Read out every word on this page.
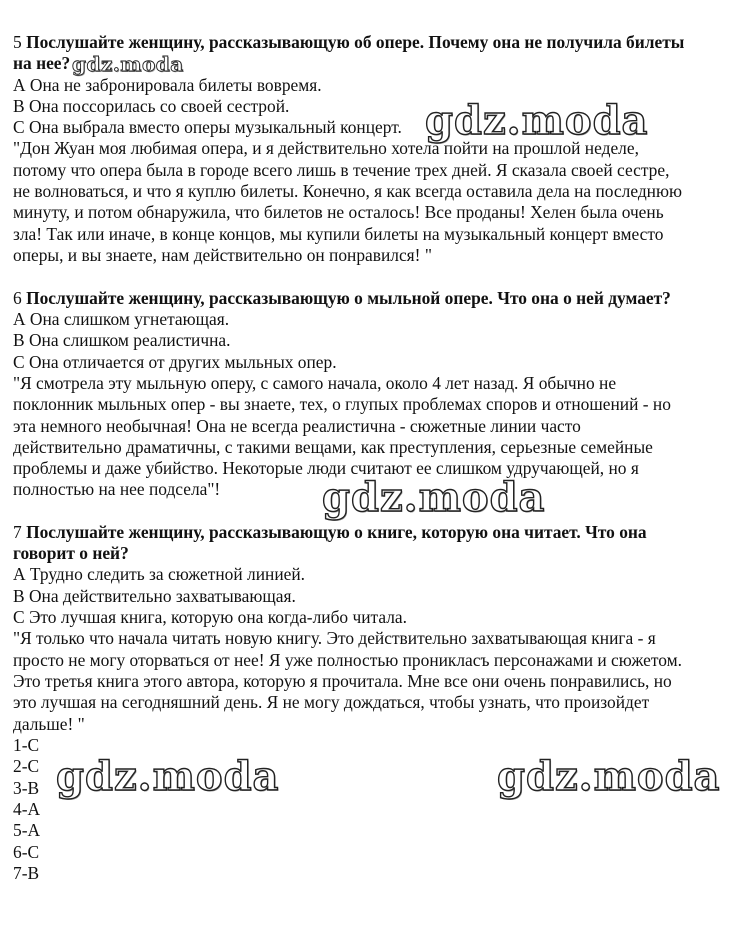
5 Послушайте женщину, рассказывающую об опере. Почему она не получила билеты
на нее?
А Она не забронировала билеты вовремя.
В Она поссорилась со своей сестрой.
С Она выбрала вместо оперы музыкальный концерт.
"Дон Жуан моя любимая опера, и я действительно хотела пойти на прошлой неделе,
потому что опера была в городе всего лишь в течение трех дней. Я сказала своей сестре,
не волноваться, и что я куплю билеты. Конечно, я как всегда оставила дела на последнюю
минуту, и потом обнаружила, что билетов не осталось! Все проданы! Хелен была очень
зла! Так или иначе, в конце концов, мы купили билеты на музыкальный концерт вместо
оперы, и вы знаете, нам действительно он понравился! "
6 Послушайте женщину, рассказывающую о мыльной опере. Что она о ней думает?
А Она слишком угнетающая.
В Она слишком реалистична.
С Она отличается от других мыльных опер.
"Я смотрела эту мыльную оперу, с самого начала, около 4 лет назад. Я обычно не
поклонник мыльных опер - вы знаете, тех, о глупых проблемах споров и отношений - но
эта немного необычная! Она не всегда реалистична - сюжетные линии часто
действительно драматичны, с такими вещами, как преступления, серьезные семейные
проблемы и даже убийство. Некоторые люди считают ее слишком удручающей, но я
полностью на нее подсела"!
7 Послушайте женщину, рассказывающую о книге, которую она читает. Что она
говорит о ней?
А Трудно следить за сюжетной линией.
В Она действительно захватывающая.
С Это лучшая книга, которую она когда-либо читала.
"Я только что начала читать новую книгу. Это действительно захватывающая книга - я
просто не могу оторваться от нее! Я уже полностью проникласъ персонажами и сюжетом.
Это третья книга этого автора, которую я прочитала. Мне все они очень понравились, но
это лучшая на сегодняшний день. Я не могу дождаться, чтобы узнать, что произойдет
дальше! "
1-C
2-C
3-B
4-A
5-A
6-C
7-B
gdz.moda
gdz.moda
gdz.moda
gdz.moda	gdz.moda
